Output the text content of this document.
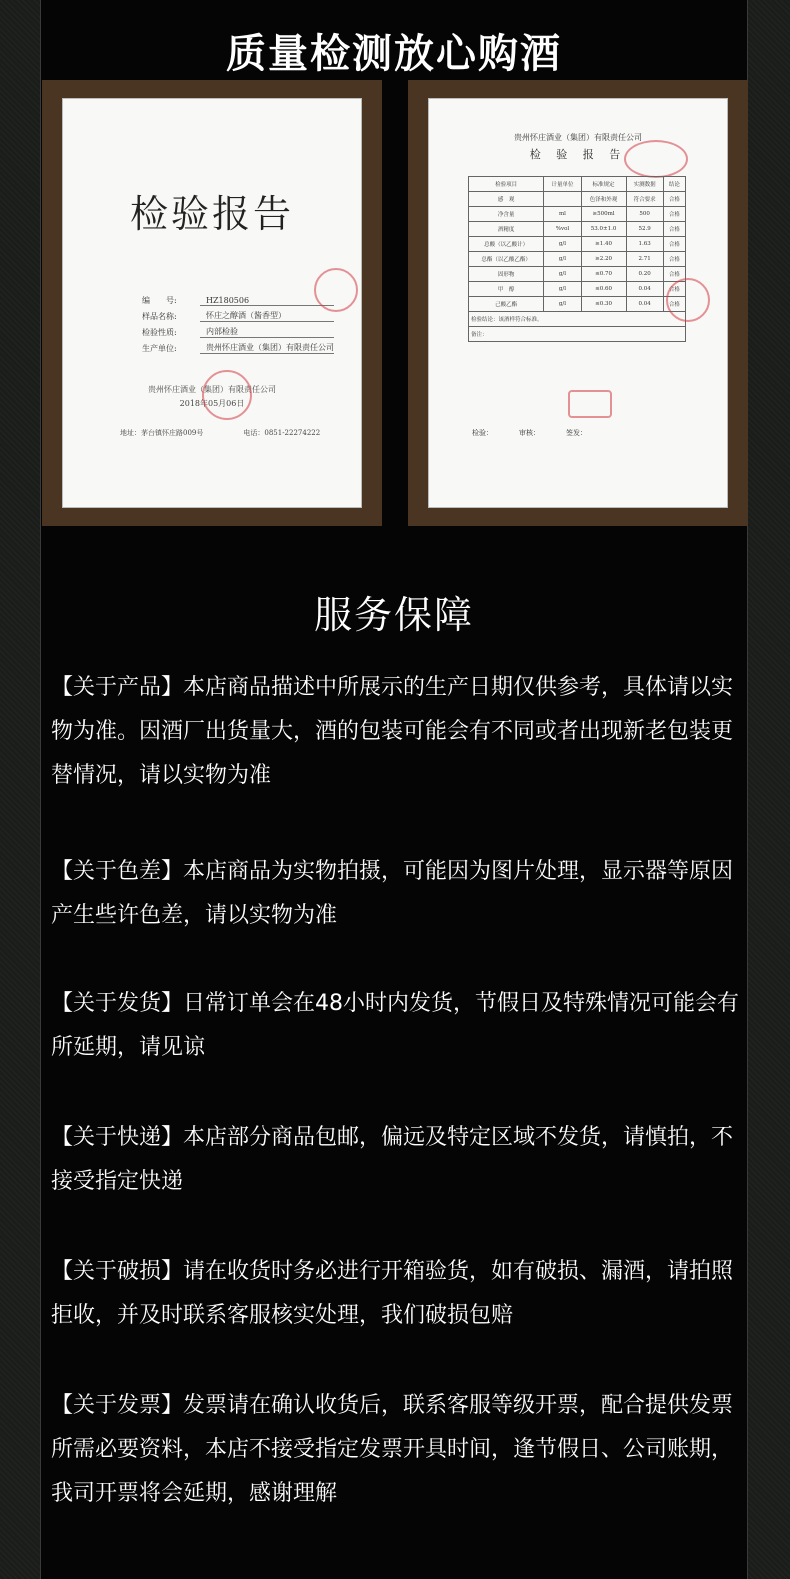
质量检测放心购酒
检验报告
编　　号:	HZ180506
样品名称:	怀庄之醇酒（酱香型）
检验性质:	内部检验
生产单位:	贵州怀庄酒业（集团）有限责任公司
贵州怀庄酒业（集团）有限责任公司
2018年05月06日
地址：茅台镇怀庄路009号	电话：0851-22274222
贵州怀庄酒业（集团）有限责任公司
检 验 报 告
检验项目	计量单位	标准规定	实测数据	结论
感　观		色泽和外观	符合要求	合格
净含量	ml	≥500ml	500	合格
酒精度	%vol	53.0±1.0	52.9	合格
总酸（以乙酸计）	g/l	≥1.40	1.63	合格
总酯（以乙酸乙酯）	g/l	≥2.20	2.71	合格
固形物	g/l	≤0.70	0.20	合格
甲　醇	g/l	≤0.60	0.04	合格
己酸乙酯	g/l	≤0.30	0.04	合格
检验结论：该酒样符合标准。				
备注：				
检验：	审核：	签发：
服务保障

【关于产品】本店商品描述中所展示的生产日期仅供参考，具体请以实物为准。因酒厂出货量大，酒的包装可能会有不同或者出现新老包装更替情况，请以实物为准

【关于色差】本店商品为实物拍摄，可能因为图片处理，显示器等原因产生些许色差，请以实物为准

【关于发货】日常订单会在48小时内发货，节假日及特殊情况可能会有所延期，请见谅

【关于快递】本店部分商品包邮，偏远及特定区域不发货，请慎拍，不接受指定快递

【关于破损】请在收货时务必进行开箱验货，如有破损、漏酒，请拍照拒收，并及时联系客服核实处理，我们破损包赔

【关于发票】发票请在确认收货后，联系客服等级开票，配合提供发票所需必要资料，本店不接受指定发票开具时间，逢节假日、公司账期，我司开票将会延期，感谢理解
